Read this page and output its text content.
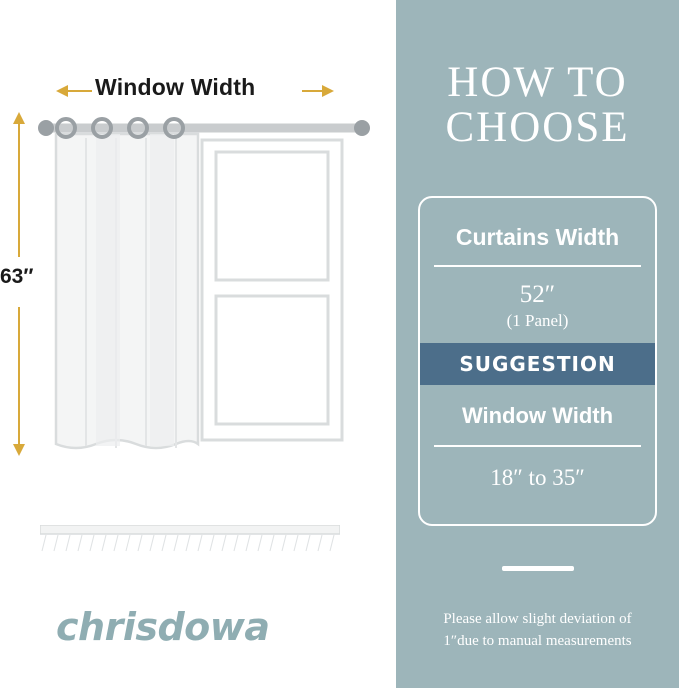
Window Width
63″
chrisdowa
HOW TO
CHOOSE
Curtains Width
52″
(1 Panel)
SUGGESTION
Window Width
18″ to 35″
Please allow slight deviation of
1″due to manual measurements
